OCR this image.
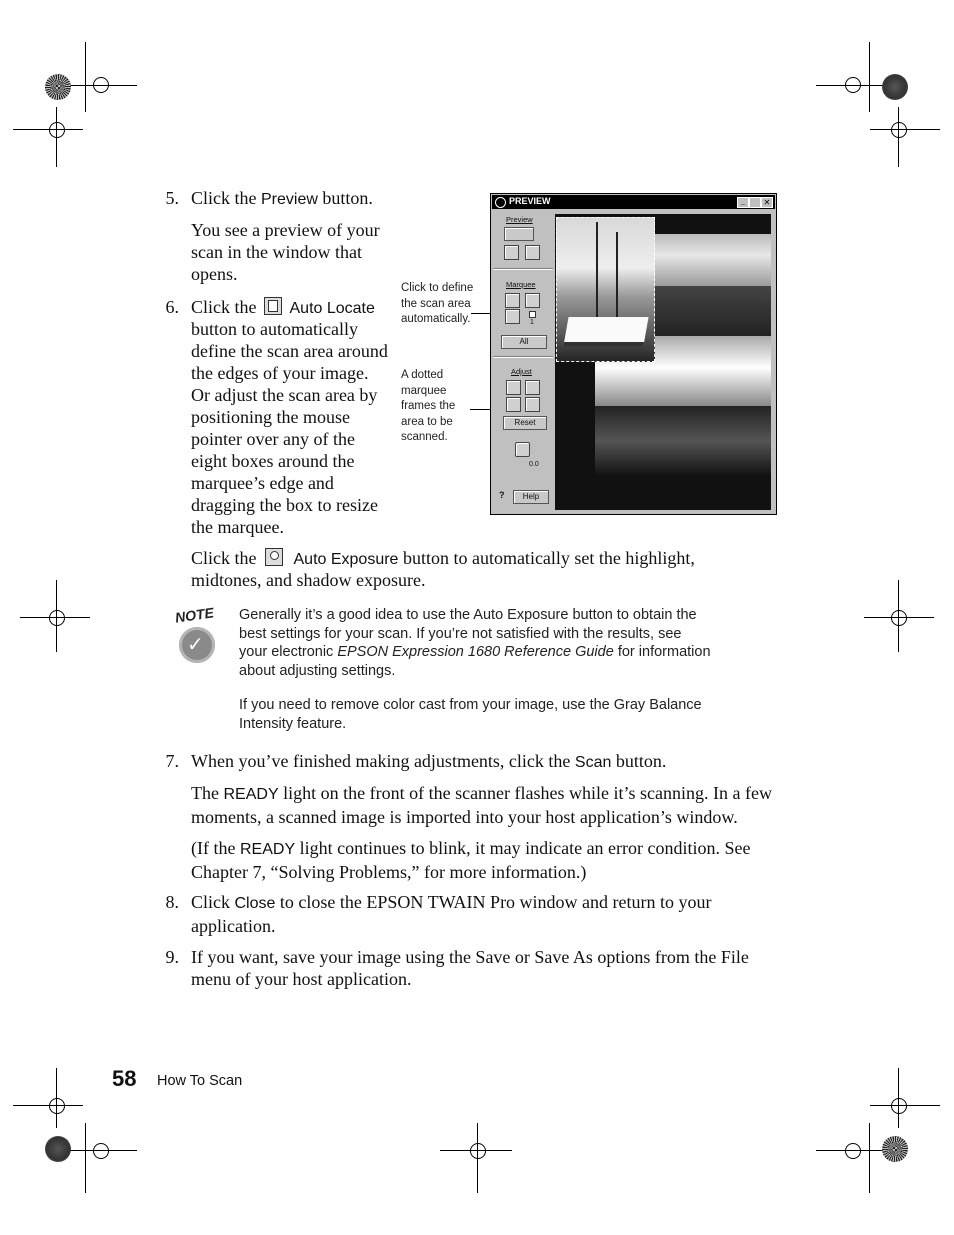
5. Click the Preview button.
You see a preview of your
scan in the window that
opens.
6. Click the Auto Locate
button to automatically
define the scan area around
the edges of your image.
Or adjust the scan area by
positioning the mouse
pointer over any of the
eight boxes around the
marquee’s edge and
dragging the box to resize
the marquee.
Click the Auto Exposure button to automatically set the highlight,
midtones, and shadow exposure.
Click to define
the scan area
automatically.
A dotted
marquee
frames the
area to be
scanned.
PREVIEW	_	✕
Preview
Marquee
1
All
Adjust
Reset
0.0
?	Help
NOTE
✓
Generally it’s a good idea to use the Auto Exposure button to obtain the
best settings for your scan. If you’re not satisfied with the results, see
your electronic EPSON Expression 1680 Reference Guide for information
about adjusting settings.
If you need to remove color cast from your image, use the Gray Balance
Intensity feature.
7. When you’ve finished making adjustments, click the Scan button.
The READY light on the front of the scanner flashes while it’s scanning. In a few
moments, a scanned image is imported into your host application’s window.
(If the READY light continues to blink, it may indicate an error condition. See
Chapter 7, “Solving Problems,” for more information.)
8. Click Close to close the EPSON TWAIN Pro window and return to your
application.
9. If you want, save your image using the Save or Save As options from the File
menu of your host application.
58 How To Scan
